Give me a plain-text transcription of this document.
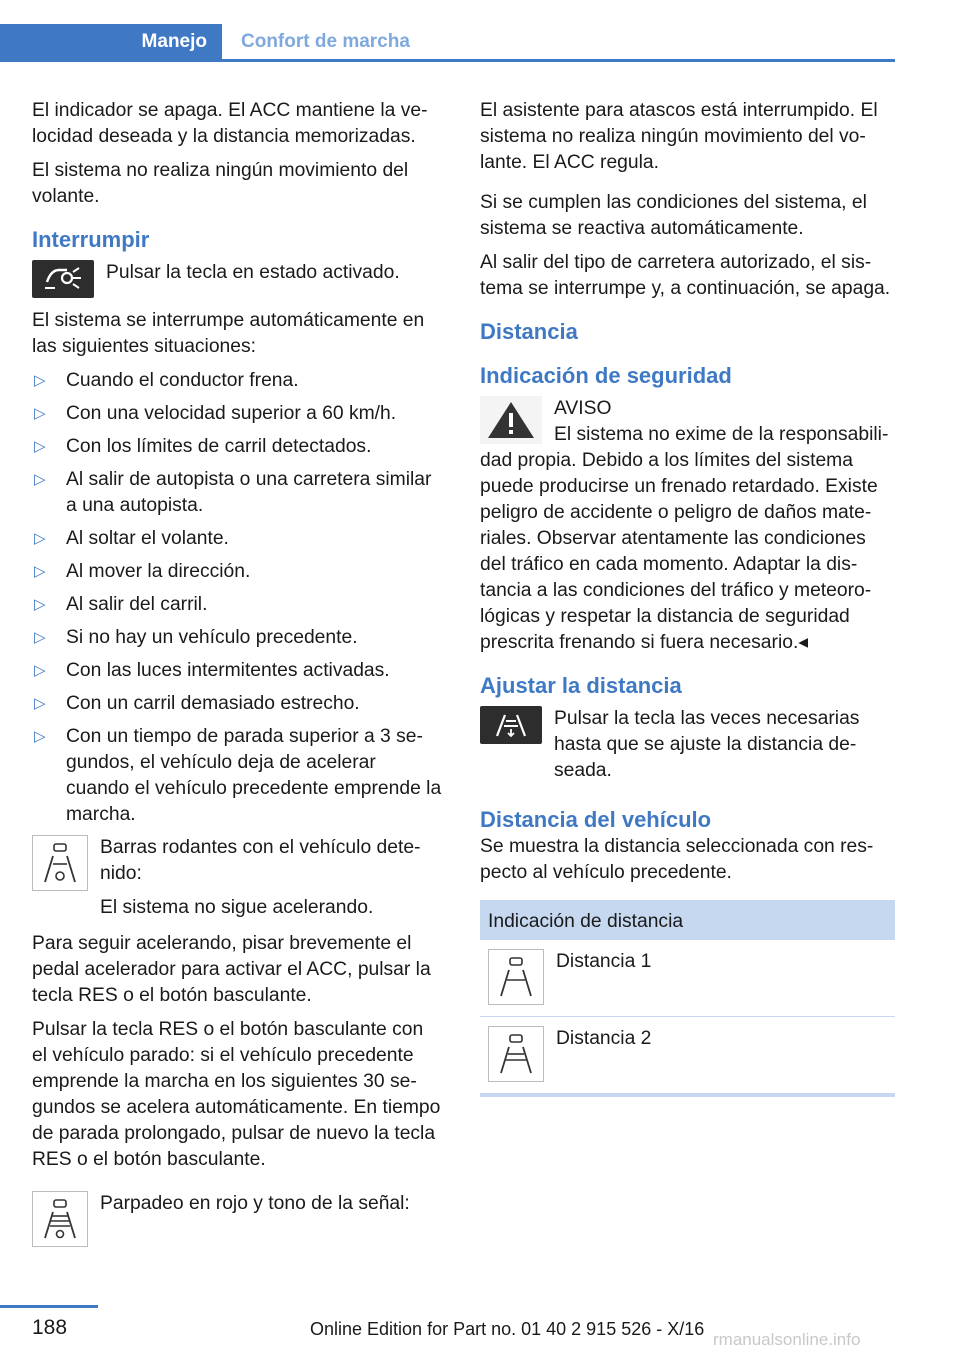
Manejo Confort de marcha

El indicador se apaga. El ACC mantiene la velocidad deseada y la distancia memorizadas.

El sistema no realiza ningún movimiento del volante.

Interrumpir
Pulsar la tecla en estado activado.

El sistema se interrumpe automáticamente en las siguientes situaciones:

▷ Cuando el conductor frena.
▷ Con una velocidad superior a 60 km/h.
▷ Con los límites de carril detectados.
▷ Al salir de autopista o una carretera similar a una autopista.
▷ Al soltar el volante.
▷ Al mover la dirección.
▷ Al salir del carril.
▷ Si no hay un vehículo precedente.
▷ Con las luces intermitentes activadas.
▷ Con un carril demasiado estrecho.
▷ Con un tiempo de parada superior a 3 segundos, el vehículo deja de acelerar cuando el vehículo precedente emprende la marcha.
Barras rodantes con el vehículo detenido:
El sistema no sigue acelerando.

Para seguir acelerando, pisar brevemente el pedal acelerador para activar el ACC, pulsar la tecla RES o el botón basculante.

Pulsar la tecla RES o el botón basculante con el vehículo parado: si el vehículo precedente emprende la marcha en los siguientes 30 segundos se acelera automáticamente. En tiempo de parada prolongado, pulsar de nuevo la tecla RES o el botón basculante.

Parpadeo en rojo y tono de la señal:

El asistente para atascos está interrumpido. El sistema no realiza ningún movimiento del volante. El ACC regula.

Si se cumplen las condiciones del sistema, el sistema se reactiva automáticamente.

Al salir del tipo de carretera autorizado, el sistema se interrumpe y, a continuación, se apaga.

Distancia
Indicación de seguridad
AVISO

El sistema no exime de la responsabilidad propia. Debido a los límites del sistema puede producirse un frenado retardado. Existe peligro de accidente o peligro de daños materiales. Observar atentamente las condiciones del tráfico en cada momento. Adaptar la distancia a las condiciones del tráfico y meteorológicas y respetar la distancia de seguridad prescrita frenando si fuera necesario.◂

Ajustar la distancia
Pulsar la tecla las veces necesarias hasta que se ajuste la distancia deseada.
Distancia del vehículo

Se muestra la distancia seleccionada con respecto al vehículo precedente.

Indicación de distancia
Distancia 1
Distancia 2
188	Online Edition for Part no. 01 40 2 915 526 - X/16
rmanualsonline.info
